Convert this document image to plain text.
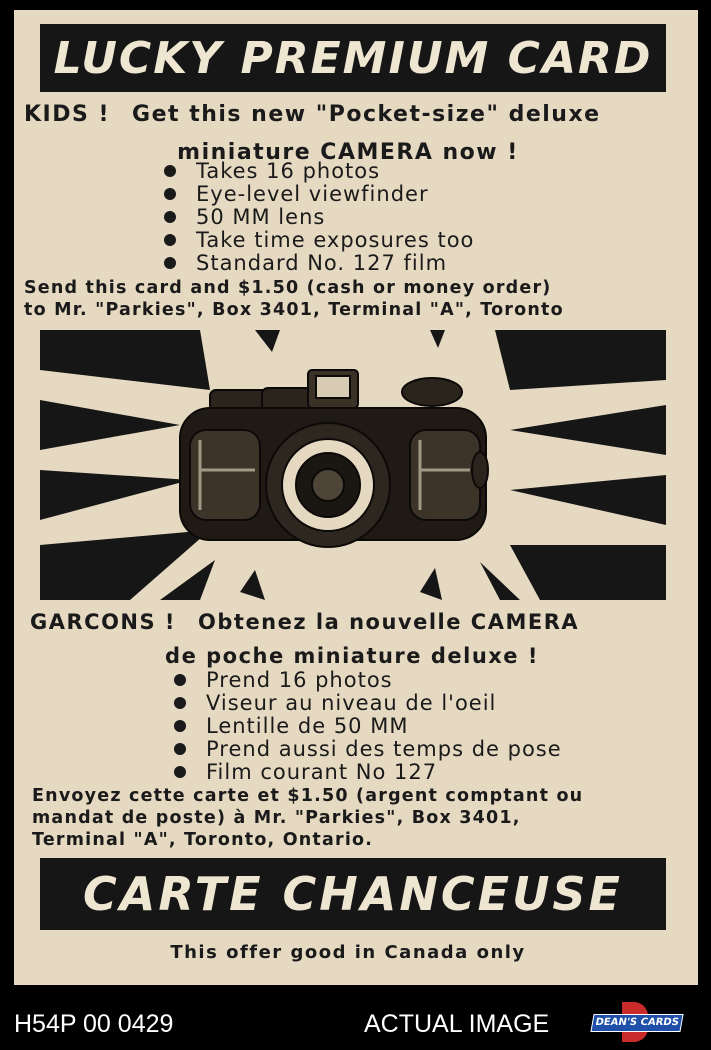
LUCKY PREMIUM CARD
KIDS ! Get this new "Pocket-size" deluxe
miniature CAMERA now !
Takes 16 photos
Eye-level viewfinder
50 MM lens
Take time exposures too
Standard No. 127 film
Send this card and $1.50 (cash or money order)
to Mr. "Parkies", Box 3401, Terminal "A", Toronto
GARCONS ! Obtenez la nouvelle CAMERA
de poche miniature deluxe !
Prend 16 photos
Viseur au niveau de l'oeil
Lentille de 50 MM
Prend aussi des temps de pose
Film courant No 127
Envoyez cette carte et $1.50 (argent comptant ou
mandat de poste) à Mr. "Parkies", Box 3401,
Terminal "A", Toronto, Ontario.
CARTE CHANCEUSE
This offer good in Canada only
H54P 00 0429	ACTUAL IMAGE	DEAN'S CARDS
